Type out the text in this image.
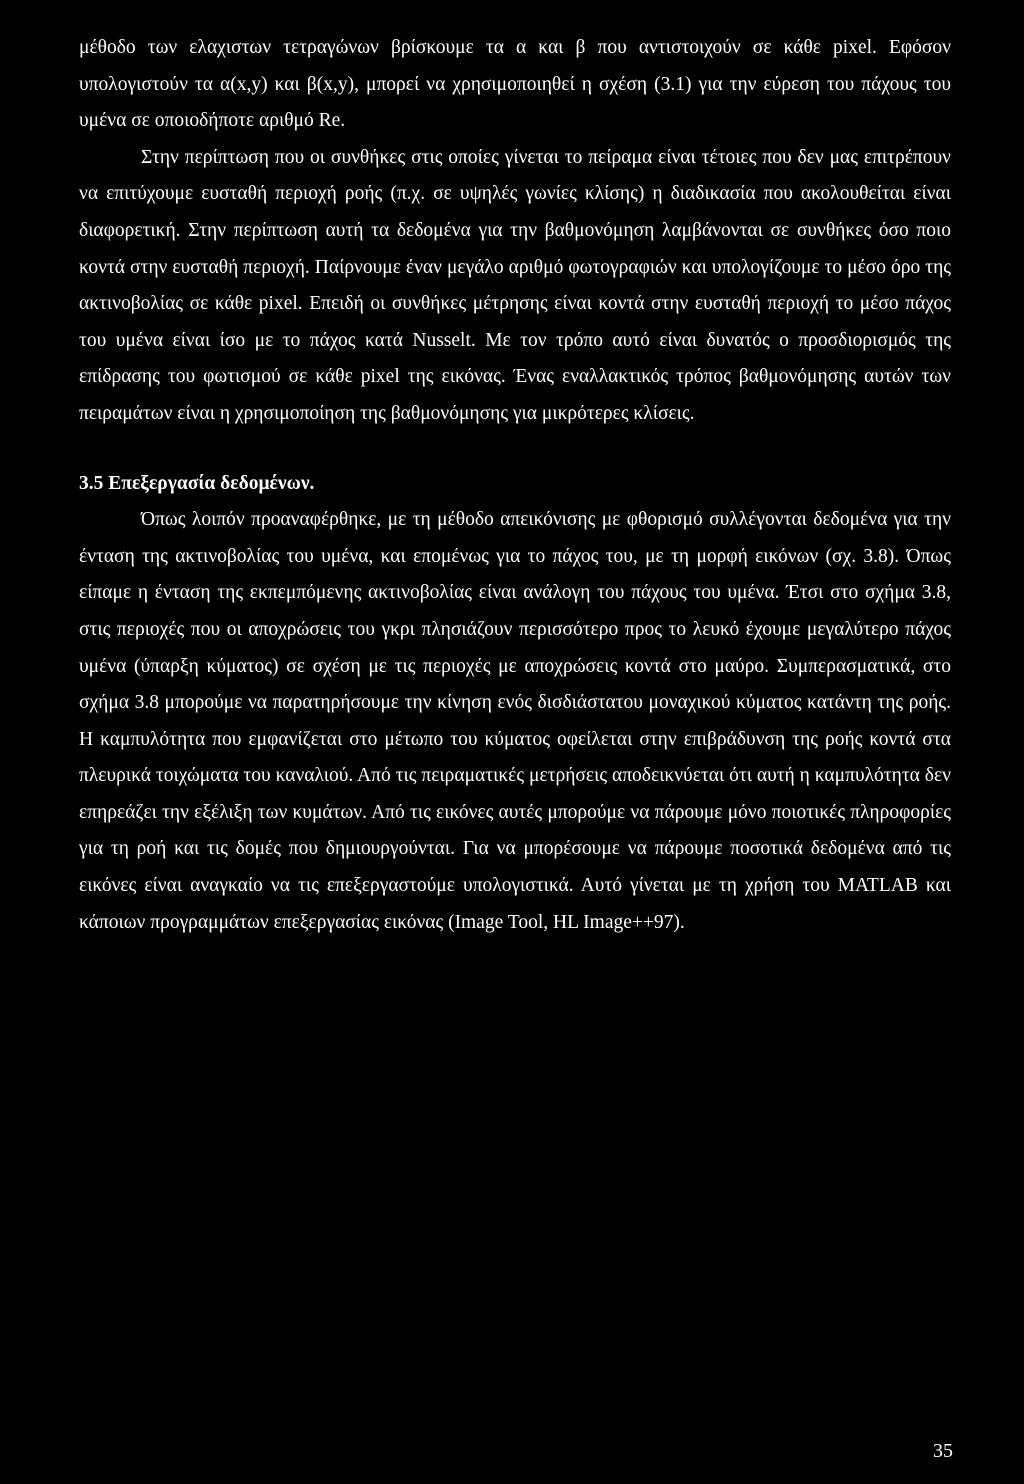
μέθοδο των ελαχιστων τετραγώνων βρίσκουμε τα α και β που αντιστοιχούν σε κάθε pixel. Εφόσον υπολογιστούν τα α(x,y) και β(x,y), μπορεί να χρησιμοποιηθεί η σχέση (3.1) για την εύρεση του πάχους του υμένα σε οποιοδήποτε αριθμό Re.

Στην περίπτωση που οι συνθήκες στις οποίες γίνεται το πείραμα είναι τέτοιες που δεν μας επιτρέπουν να επιτύχουμε ευσταθή περιοχή ροής (π.χ. σε υψηλές γωνίες κλίσης) η διαδικασία που ακολουθείται είναι διαφορετική. Στην περίπτωση αυτή τα δεδομένα για την βαθμονόμηση λαμβάνονται σε συνθήκες όσο ποιο κοντά στην ευσταθή περιοχή. Παίρνουμε έναν μεγάλο αριθμό φωτογραφιών και υπολογίζουμε το μέσο όρο της ακτινοβολίας σε κάθε pixel. Επειδή οι συνθήκες μέτρησης είναι κοντά στην ευσταθή περιοχή το μέσο πάχος του υμένα είναι ίσο με το πάχος κατά Nusselt. Με τον τρόπο αυτό είναι δυνατός ο προσδιορισμός της επίδρασης του φωτισμού σε κάθε pixel της εικόνας. Ένας εναλλακτικός τρόπος βαθμονόμησης αυτών των πειραμάτων είναι η χρησιμοποίηση της βαθμονόμησης για μικρότερες κλίσεις.

3.5 Επεξεργασία δεδομένων.

Όπως λοιπόν προαναφέρθηκε, με τη μέθοδο απεικόνισης με φθορισμό συλλέγονται δεδομένα για την ένταση της ακτινοβολίας του υμένα, και επομένως για το πάχος του, με τη μορφή εικόνων (σχ. 3.8). Όπως είπαμε η ένταση της εκπεμπόμενης ακτινοβολίας είναι ανάλογη του πάχους του υμένα. Έτσι στο σχήμα 3.8, στις περιοχές που οι αποχρώσεις του γκρι πλησιάζουν περισσότερο προς το λευκό έχουμε μεγαλύτερο πάχος υμένα (ύπαρξη κύματος) σε σχέση με τις περιοχές με αποχρώσεις κοντά στο μαύρο. Συμπερασματικά, στο σχήμα 3.8 μπορούμε να παρατηρήσουμε την κίνηση ενός δισδιάστατου μοναχικού κύματος κατάντη της ροής. Η καμπυλότητα που εμφανίζεται στο μέτωπο του κύματος οφείλεται στην επιβράδυνση της ροής κοντά στα πλευρικά τοιχώματα του καναλιού. Από τις πειραματικές μετρήσεις αποδεικνύεται ότι αυτή η καμπυλότητα δεν επηρεάζει την εξέλιξη των κυμάτων. Από τις εικόνες αυτές μπορούμε να πάρουμε μόνο ποιοτικές πληροφορίες για τη ροή και τις δομές που δημιουργούνται. Για να μπορέσουμε να πάρουμε ποσοτικά δεδομένα από τις εικόνες είναι αναγκαίο να τις επεξεργαστούμε υπολογιστικά. Αυτό γίνεται με τη χρήση του MATLAB και κάποιων προγραμμάτων επεξεργασίας εικόνας (Image Tool, HL Image++97).

35
